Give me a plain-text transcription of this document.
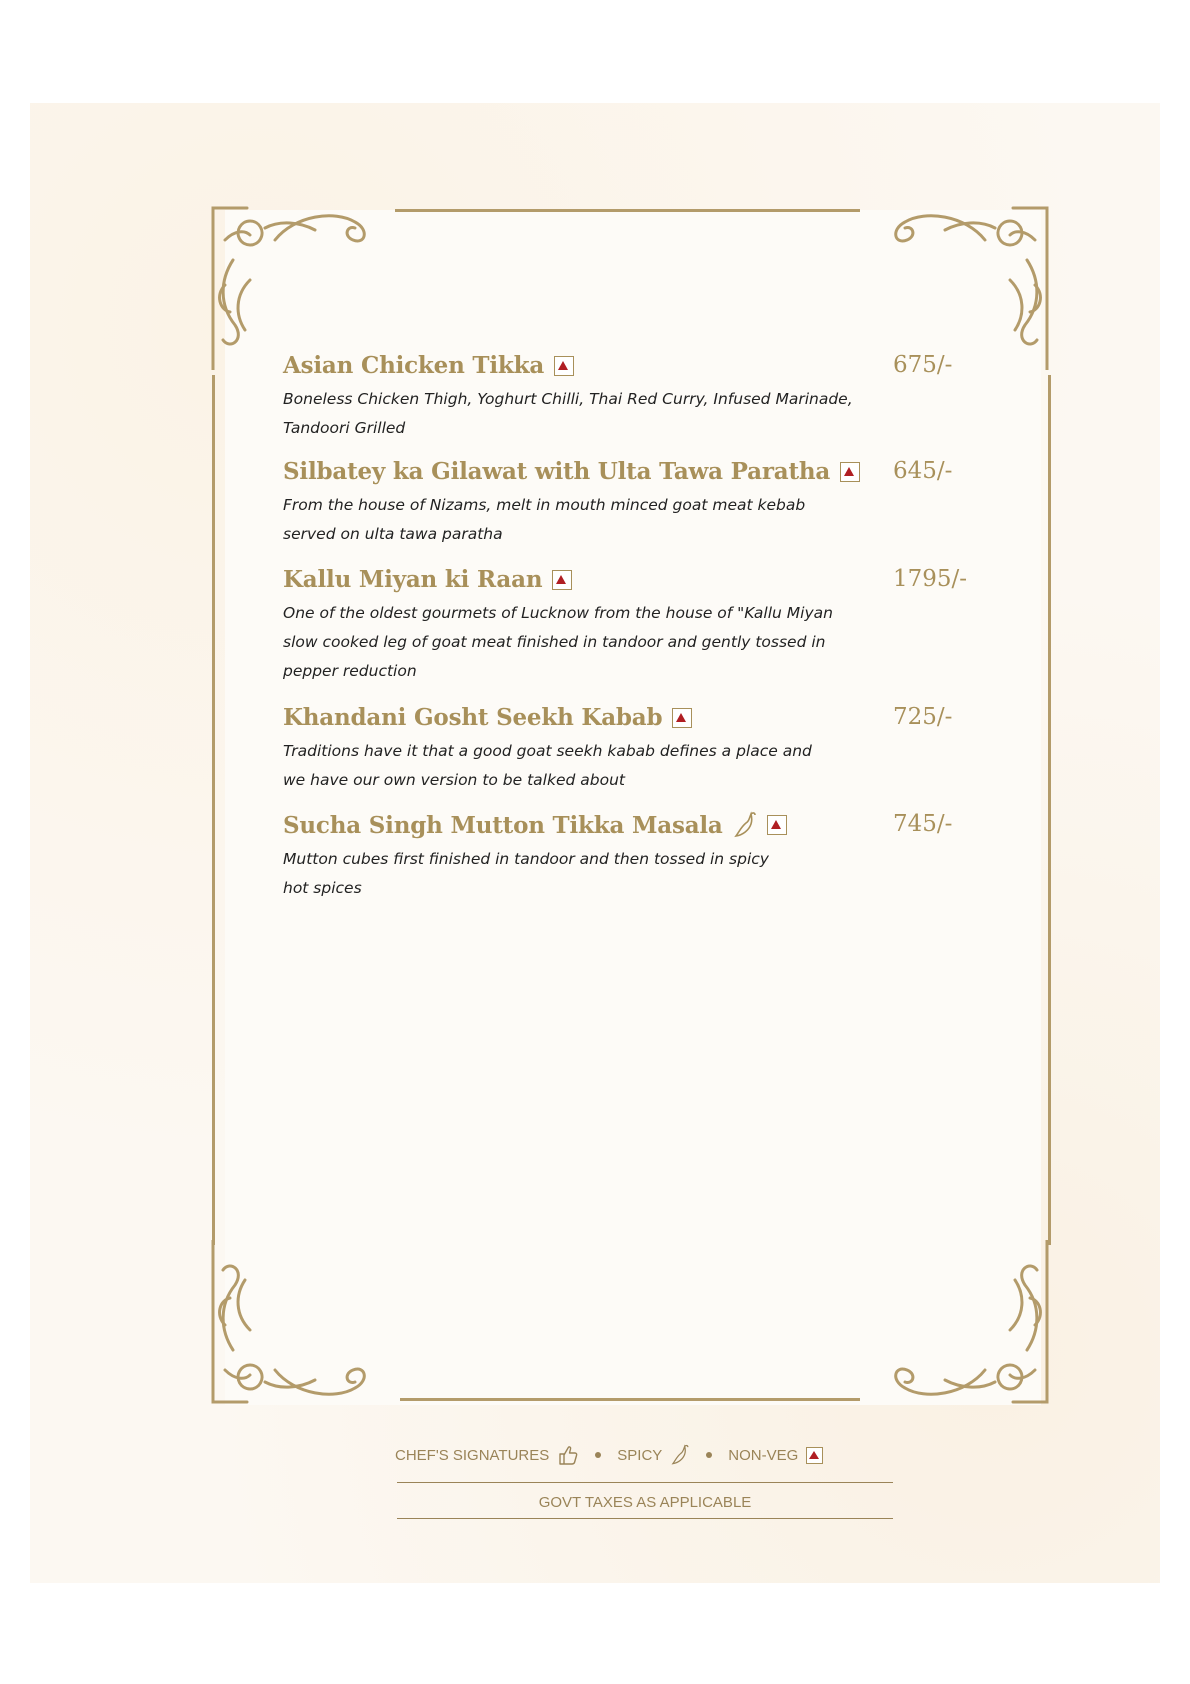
Asian Chicken Tikka	675/-
Boneless Chicken Thigh, Yoghurt Chilli, Thai Red Curry, Infused Marinade,
Tandoori Grilled
Silbatey ka Gilawat with Ulta Tawa Paratha	645/-
From the house of Nizams, melt in mouth minced goat meat kebab
served on ulta tawa paratha
Kallu Miyan ki Raan	1795/-
One of the oldest gourmets of Lucknow from the house of "Kallu Miyan
slow cooked leg of goat meat finished in tandoor and gently tossed in
pepper reduction
Khandani Gosht Seekh Kabab	725/-
Traditions have it that a good goat seekh kabab defines a place and
we have our own version to be talked about
Sucha Singh Mutton Tikka Masala	745/-
Mutton cubes first finished in tandoor and then tossed in spicy
hot spices
CHEF'S SIGNATURES	SPICY	NON-VEG
GOVT TAXES AS APPLICABLE
